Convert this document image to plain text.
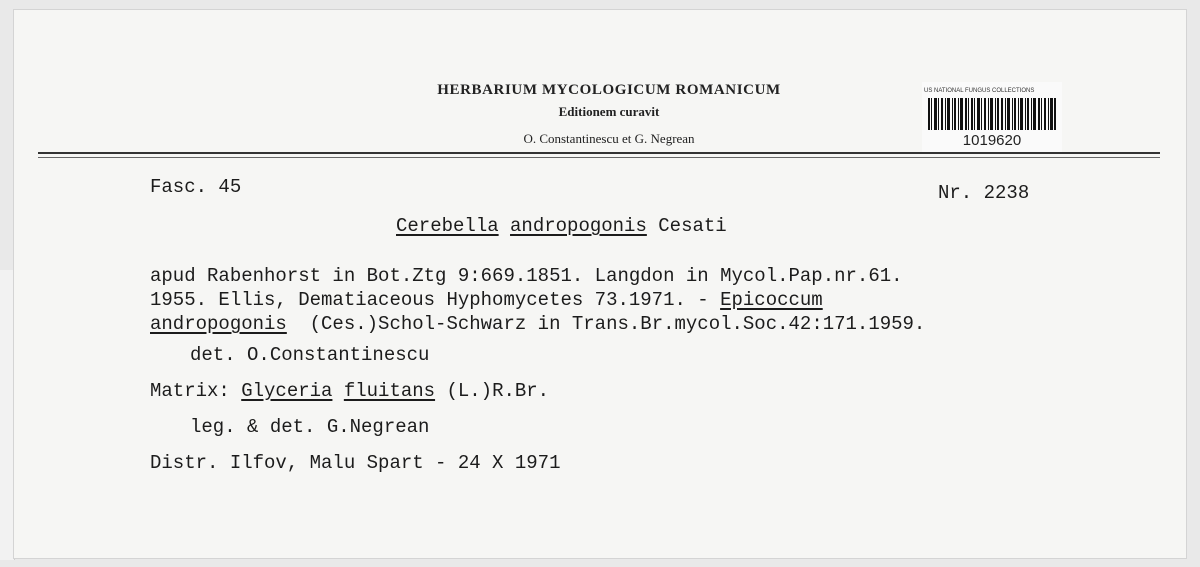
HERBARIUM MYCOLOGICUM ROMANICUM
Editionem curavit
O. Constantinescu et G. Negrean
US NATIONAL FUNGUS COLLECTIONS
1019620
Fasc. 45	Nr. 2238
Cerebella andropogonis Cesati
apud Rabenhorst in Bot.Ztg 9:669.1851. Langdon in Mycol.Pap.nr.61.
1955. Ellis, Dematiaceous Hyphomycetes 73.1971. - Epicoccum
andropogonis  (Ces.)Schol-Schwarz in Trans.Br.mycol.Soc.42:171.1959.
det. O.Constantinescu
Matrix: Glyceria fluitans (L.)R.Br.
leg. & det. G.Negrean
Distr. Ilfov, Malu Spart - 24 X 1971
